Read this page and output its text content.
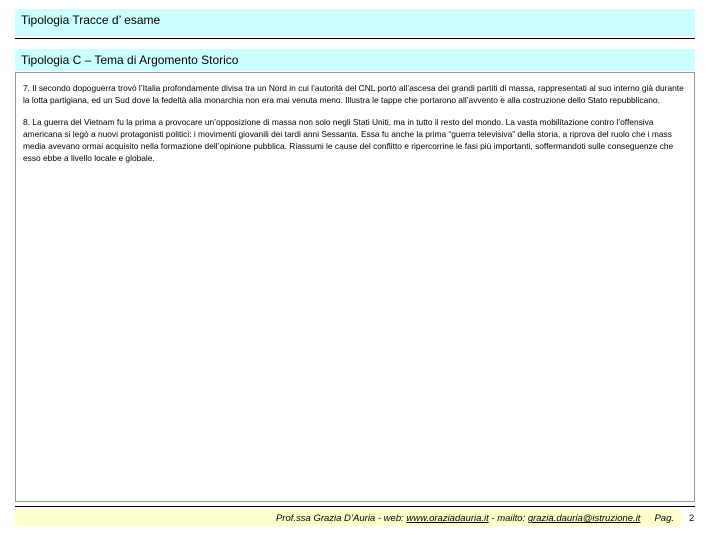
Tipologia Tracce d’ esame
Tipologia C – Tema di Argomento Storico

7. Il secondo dopoguerra trovò l’Italia profondamente divisa tra un Nord in cui l’autorità del CNL portò all’ascesa dei grandi partiti di massa, rappresentati al suo interno già durante la lotta partigiana, ed un Sud dove la fedeltà alla monarchia non era mai venuta meno. Illustra le tappe che portarono all’avvento e alla costruzione dello Stato repubblicano.

8. La guerra del Vietnam fu la prima a provocare un’opposizione di massa non solo negli Stati Uniti, ma in tutto il resto del mondo. La vasta mobilitazione contro l’offensiva americana si legò a nuovi protagonisti politici: i movimenti giovanili dei tardi anni Sessanta. Essa fu anche la prima “guerra televisiva” della storia, a riprova del ruolo che i mass media avevano ormai acquisito nella formazione dell’opinione pubblica. Riassumi le cause del conflitto e ripercorrine le fasi più importanti, soffermandoti sulle conseguenze che esso ebbe a livello locale e globale.

Prof.ssa Grazia D’Auria - web: www.oraziadauria.it - mailto: grazia.dauria@istruzione.it Pag.	2
